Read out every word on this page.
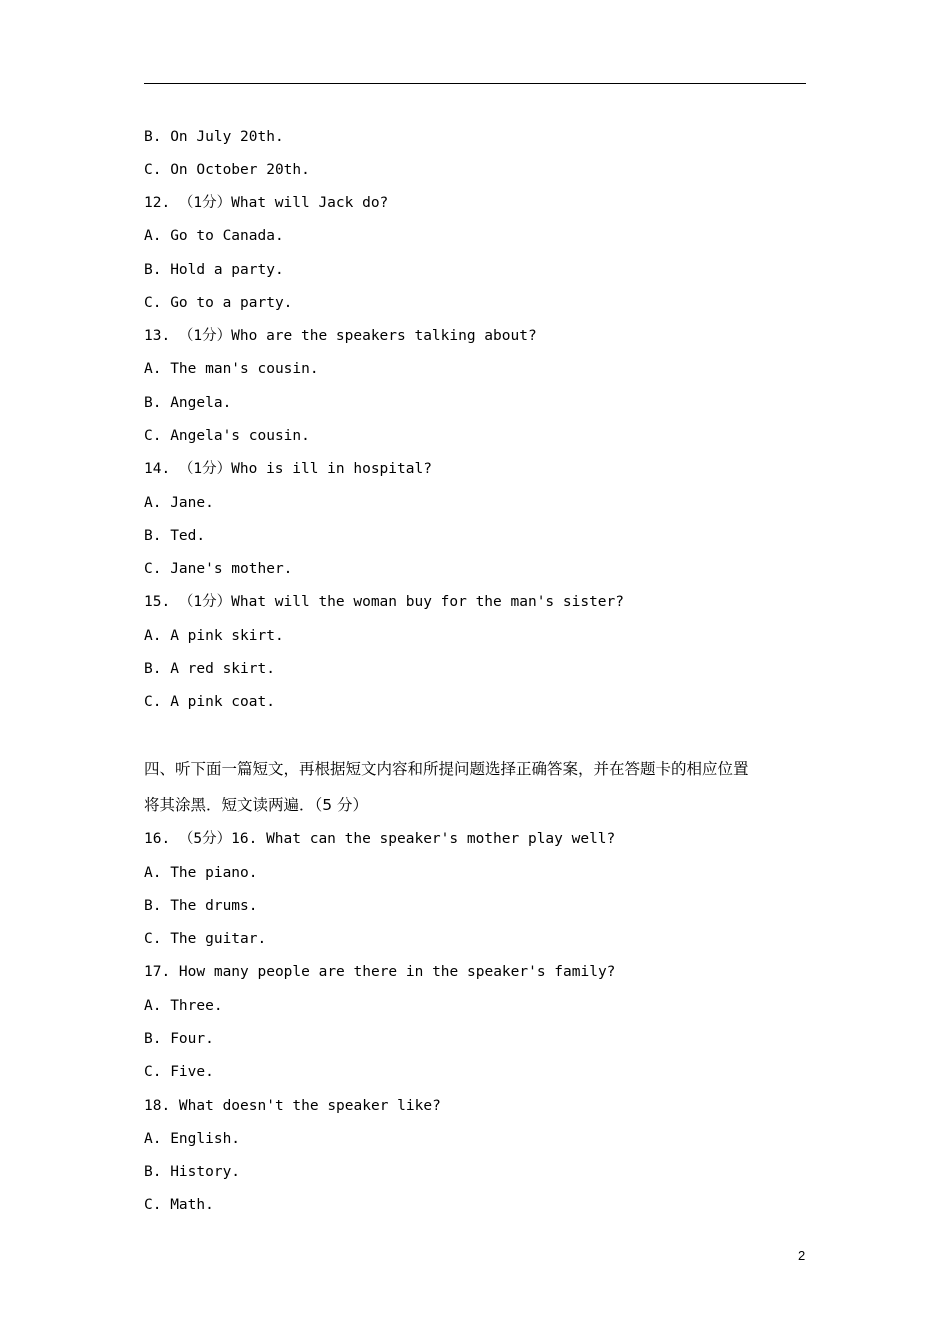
B. On July 20th.
C. On October 20th.
12. （1分）What will Jack do?
A. Go to Canada.
B. Hold a party.
C. Go to a party.
13. （1分）Who are the speakers talking about?
A. The man's cousin.
B. Angela.
C. Angela's cousin.
14. （1分）Who is ill in hospital?
A. Jane.
B. Ted.
C. Jane's mother.
15. （1分）What will the woman buy for the man's sister?
A. A pink skirt.
B. A red skirt.
C. A pink coat.
四、听下面一篇短文，再根据短文内容和所提问题选择正确答案，并在答题卡的相应位置
将其涂黑．短文读两遍．（5 分）
16. （5分）16. What can the speaker's mother play well?
A. The piano.
B. The drums.
C. The guitar.
17. How many people are there in the speaker's family?
A. Three.
B. Four.
C. Five.
18. What doesn't the speaker like?
A. English.
B. History.
C. Math.
2
